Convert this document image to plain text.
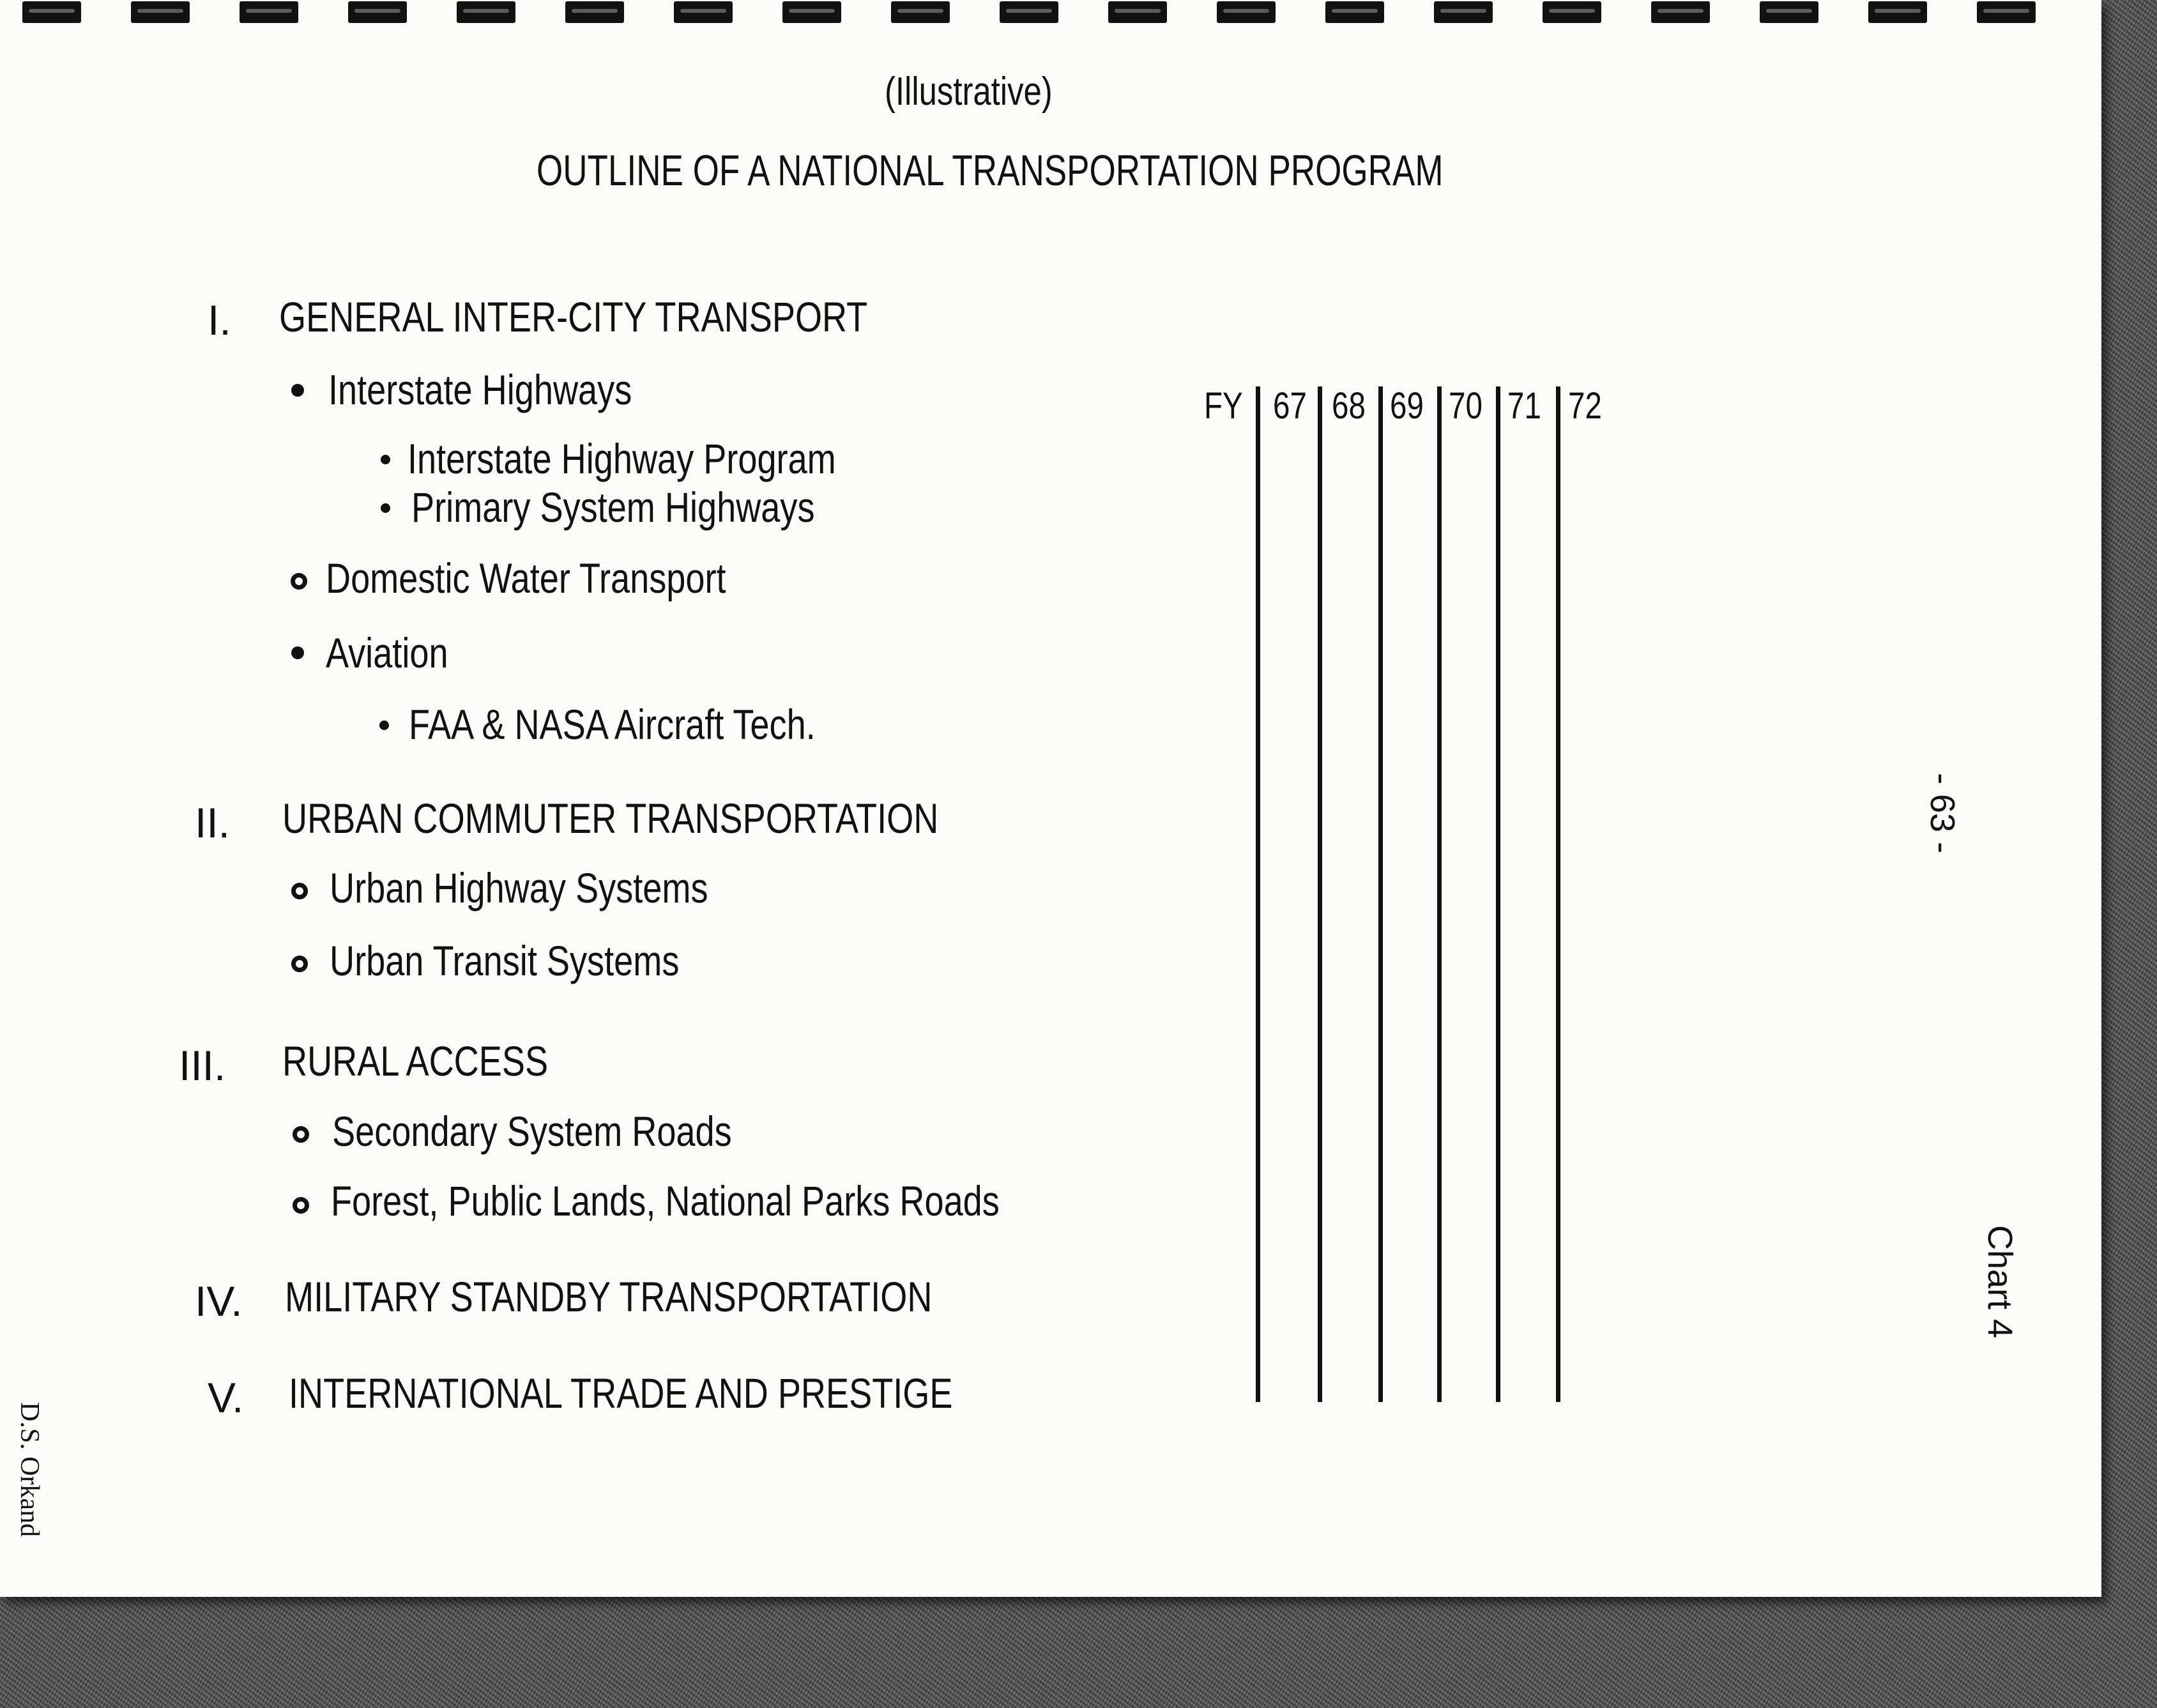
(Illustrative)
OUTLINE OF A NATIONAL TRANSPORTATION PROGRAM
I. GENERAL INTER-CITY TRANSPORT
Interstate Highways
Interstate Highway Program
Primary System Highways
Domestic Water Transport
Aviation
FAA & NASA Aircraft Tech.
II. URBAN COMMUTER TRANSPORTATION
Urban Highway Systems
Urban Transit Systems
III. RURAL ACCESS
Secondary System Roads
Forest, Public Lands, National Parks Roads
IV. MILITARY STANDBY TRANSPORTATION
V. INTERNATIONAL TRADE AND PRESTIGE
FY 67 68 69 70 71 72
- 63 -
Chart 4
D.S. Orkand
